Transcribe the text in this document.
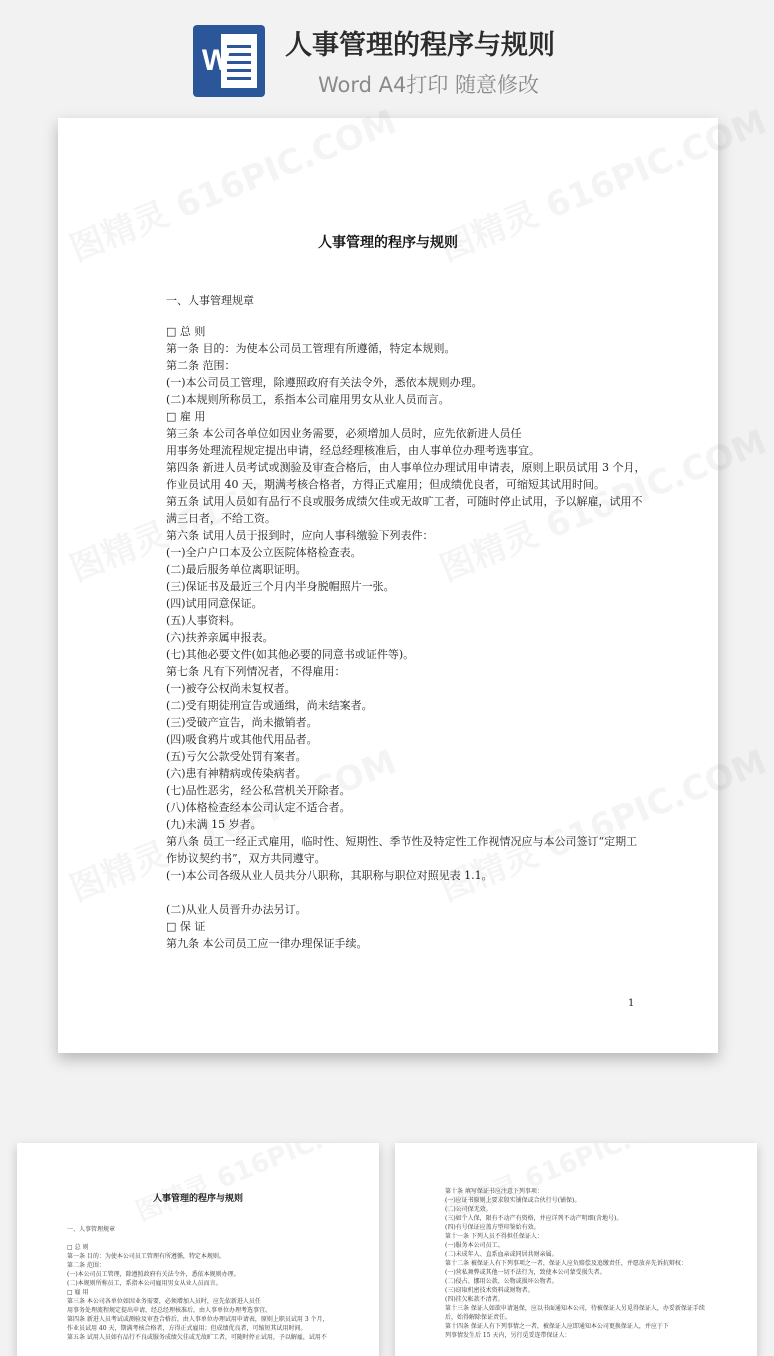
W 人事管理的程序与规则
Word A4打印 随意修改
人事管理的程序与规则
一、人事管理规章
□ 总 则
第一条 目的：为使本公司员工管理有所遵循，特定本规则。
第二条 范围：
(一)本公司员工管理，除遵照政府有关法令外，悉依本规则办理。
(二)本规则所称员工，系指本公司雇用男女从业人员而言。
□ 雇 用
第三条 本公司各单位如因业务需要，必须增加人员时，应先依新进人员任
用事务处理流程规定提出申请，经总经理核准后，由人事单位办理考选事宜。
第四条 新进人员考试或测验及审查合格后，由人事单位办理试用申请表，原则上职员试用 3 个月，
作业员试用 40 天，期满考核合格者，方得正式雇用；但成绩优良者，可缩短其试用时间。
第五条 试用人员如有品行不良或服务成绩欠佳或无故旷工者，可随时停止试用，予以解雇，试用不
满三日者，不给工资。
第六条 试用人员于报到时，应向人事科缴验下列表件：
(一)全户户口本及公立医院体格检查表。
(二)最后服务单位离职证明。
(三)保证书及最近三个月内半身脱帽照片一张。
(四)试用同意保证。
(五)人事资料。
(六)扶养亲属申报表。
(七)其他必要文件(如其他必要的同意书或证件等)。
第七条 凡有下列情况者，不得雇用：
(一)被夺公权尚未复权者。
(二)受有期徒刑宣告或通缉，尚未结案者。
(三)受破产宣告，尚未撤销者。
(四)吸食鸦片或其他代用品者。
(五)亏欠公款受处罚有案者。
(六)患有神精病或传染病者。
(七)品性恶劣，经公私营机关开除者。
(八)体格检查经本公司认定不适合者。
(九)未满 15 岁者。
第八条 员工一经正式雇用，临时性、短期性、季节性及特定性工作视情况应与本公司签订“定期工
作协议契约书”，双方共同遵守。
(一)本公司各级从业人员共分八职称，其职称与职位对照见表 1.1。
(二)从业人员晋升办法另订。
□ 保 证
第九条 本公司员工应一律办理保证手续。
1
人事管理的程序与规则
一、人事管理规章
□ 总 则
第一条 目的：为使本公司员工管理有所遵循，特定本规则。
第二条 范围：
(一)本公司员工管理，除遵照政府有关法令外，悉依本规则办理。
(二)本规则所称员工，系指本公司雇用男女从业人员而言。
□ 雇 用
第三条 本公司各单位如因业务需要，必须增加人员时，应先依新进人员任
用事务处理流程规定提出申请，经总经理核准后，由人事单位办理考选事宜。
第四条 新进人员考试或测验及审查合格后，由人事单位办理试用申请表，原则上职员试用 3 个月，
作业员试用 40 天，期满考核合格者，方得正式雇用；但成绩优良者，可缩短其试用时间。
第五条 试用人员如有品行不良或服务成绩欠佳或无故旷工者，可随时停止试用，予以解雇，试用不
第十条 填写保证书应注意下列事项：
(一)应证书原则上要求殷实铺保或合伙行号(铺保)。
(二)公司保无效。
(三)如个人保，限有不动产有资格，并应详列不动产明细(含地号)。
(四)有号保证应盖方型印鉴始有效。
第十一条 下列人员不得担任保证人：
(一)服务本公司员工。
(二)未成年人、直系血亲或同居共财亲属。
第十二条 被保证人有下列事项之一者，保证人应负赔偿及追缴责任，并愿放弃先诉抗辩权：
(一)营私舞弊或其他一切不法行为，致使本公司蒙受损失者。
(二)侵占、挪用公款、公物或损坏公物者。
(三)窃取机密技术资料或财物者。
(四)挂欠帐款不清者。
第十三条 保证人如欲申请退保，应以书面通知本公司，待被保证人另觅得保证人，办妥新保证手续
后，始得解除保证责任。
第十四条 保证人有下列事情之一者，被保证人应即通知本公司更换保证人，并应于下
列事情发生后 15 天内，另行觅妥连带保证人：
